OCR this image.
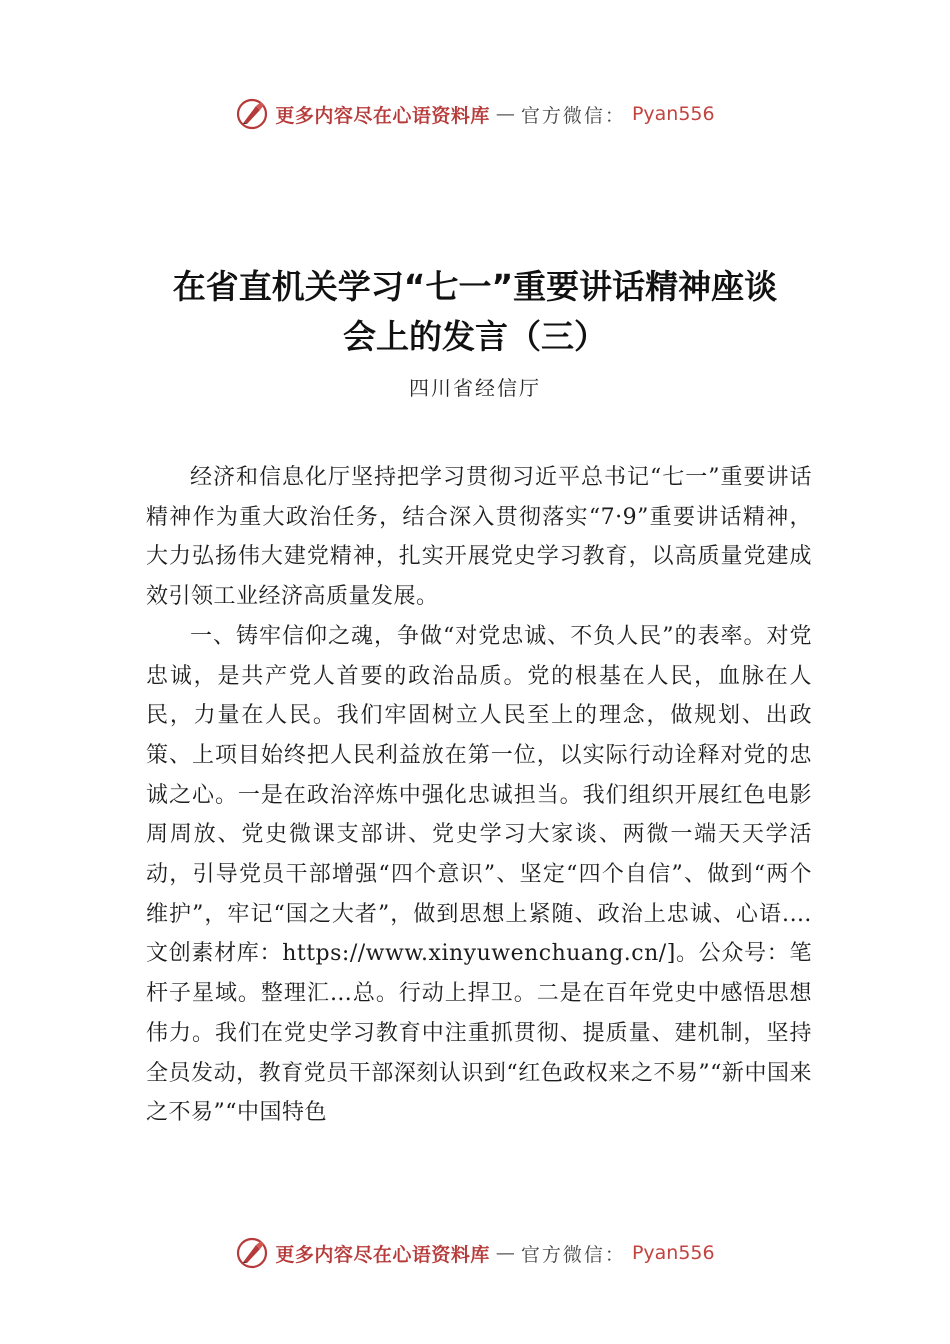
更多内容尽在心语资料库 — 官方微信： Pyan556
在省直机关学习“七一”重要讲话精神座谈
会上的发言（三）
四川省经信厅

经济和信息化厅坚持把学习贯彻习近平总书记“七一”重要讲话精神作为重大政治任务，结合深入贯彻落实“7·9”重要讲话精神，大力弘扬伟大建党精神，扎实开展党史学习教育，以高质量党建成效引领工业经济高质量发展。

一、铸牢信仰之魂，争做“对党忠诚、不负人民”的表率。对党忠诚，是共产党人首要的政治品质。党的根基在人民，血脉在人民，力量在人民。我们牢固树立人民至上的理念，做规划、出政策、上项目始终把人民利益放在第一位，以实际行动诠释对党的忠诚之心。一是在政治淬炼中强化忠诚担当。我们组织开展红色电影周周放、党史微课支部讲、党史学习大家谈、两微一端天天学活动，引导党员干部增强“四个意识”、坚定“四个自信”、做到“两个维护”，牢记“国之大者”，做到思想上紧随、政治上忠诚、心语.…文创素材库：https://www.xinyuwenchuang.cn/]。公众号：笔杆子星域。整理汇…总。行动上捍卫。二是在百年党史中感悟思想伟力。我们在党史学习教育中注重抓贯彻、提质量、建机制，坚持全员发动，教育党员干部深刻认识到“红色政权来之不易”“新中国来之不易”“中国特色

更多内容尽在心语资料库 — 官方微信： Pyan556
